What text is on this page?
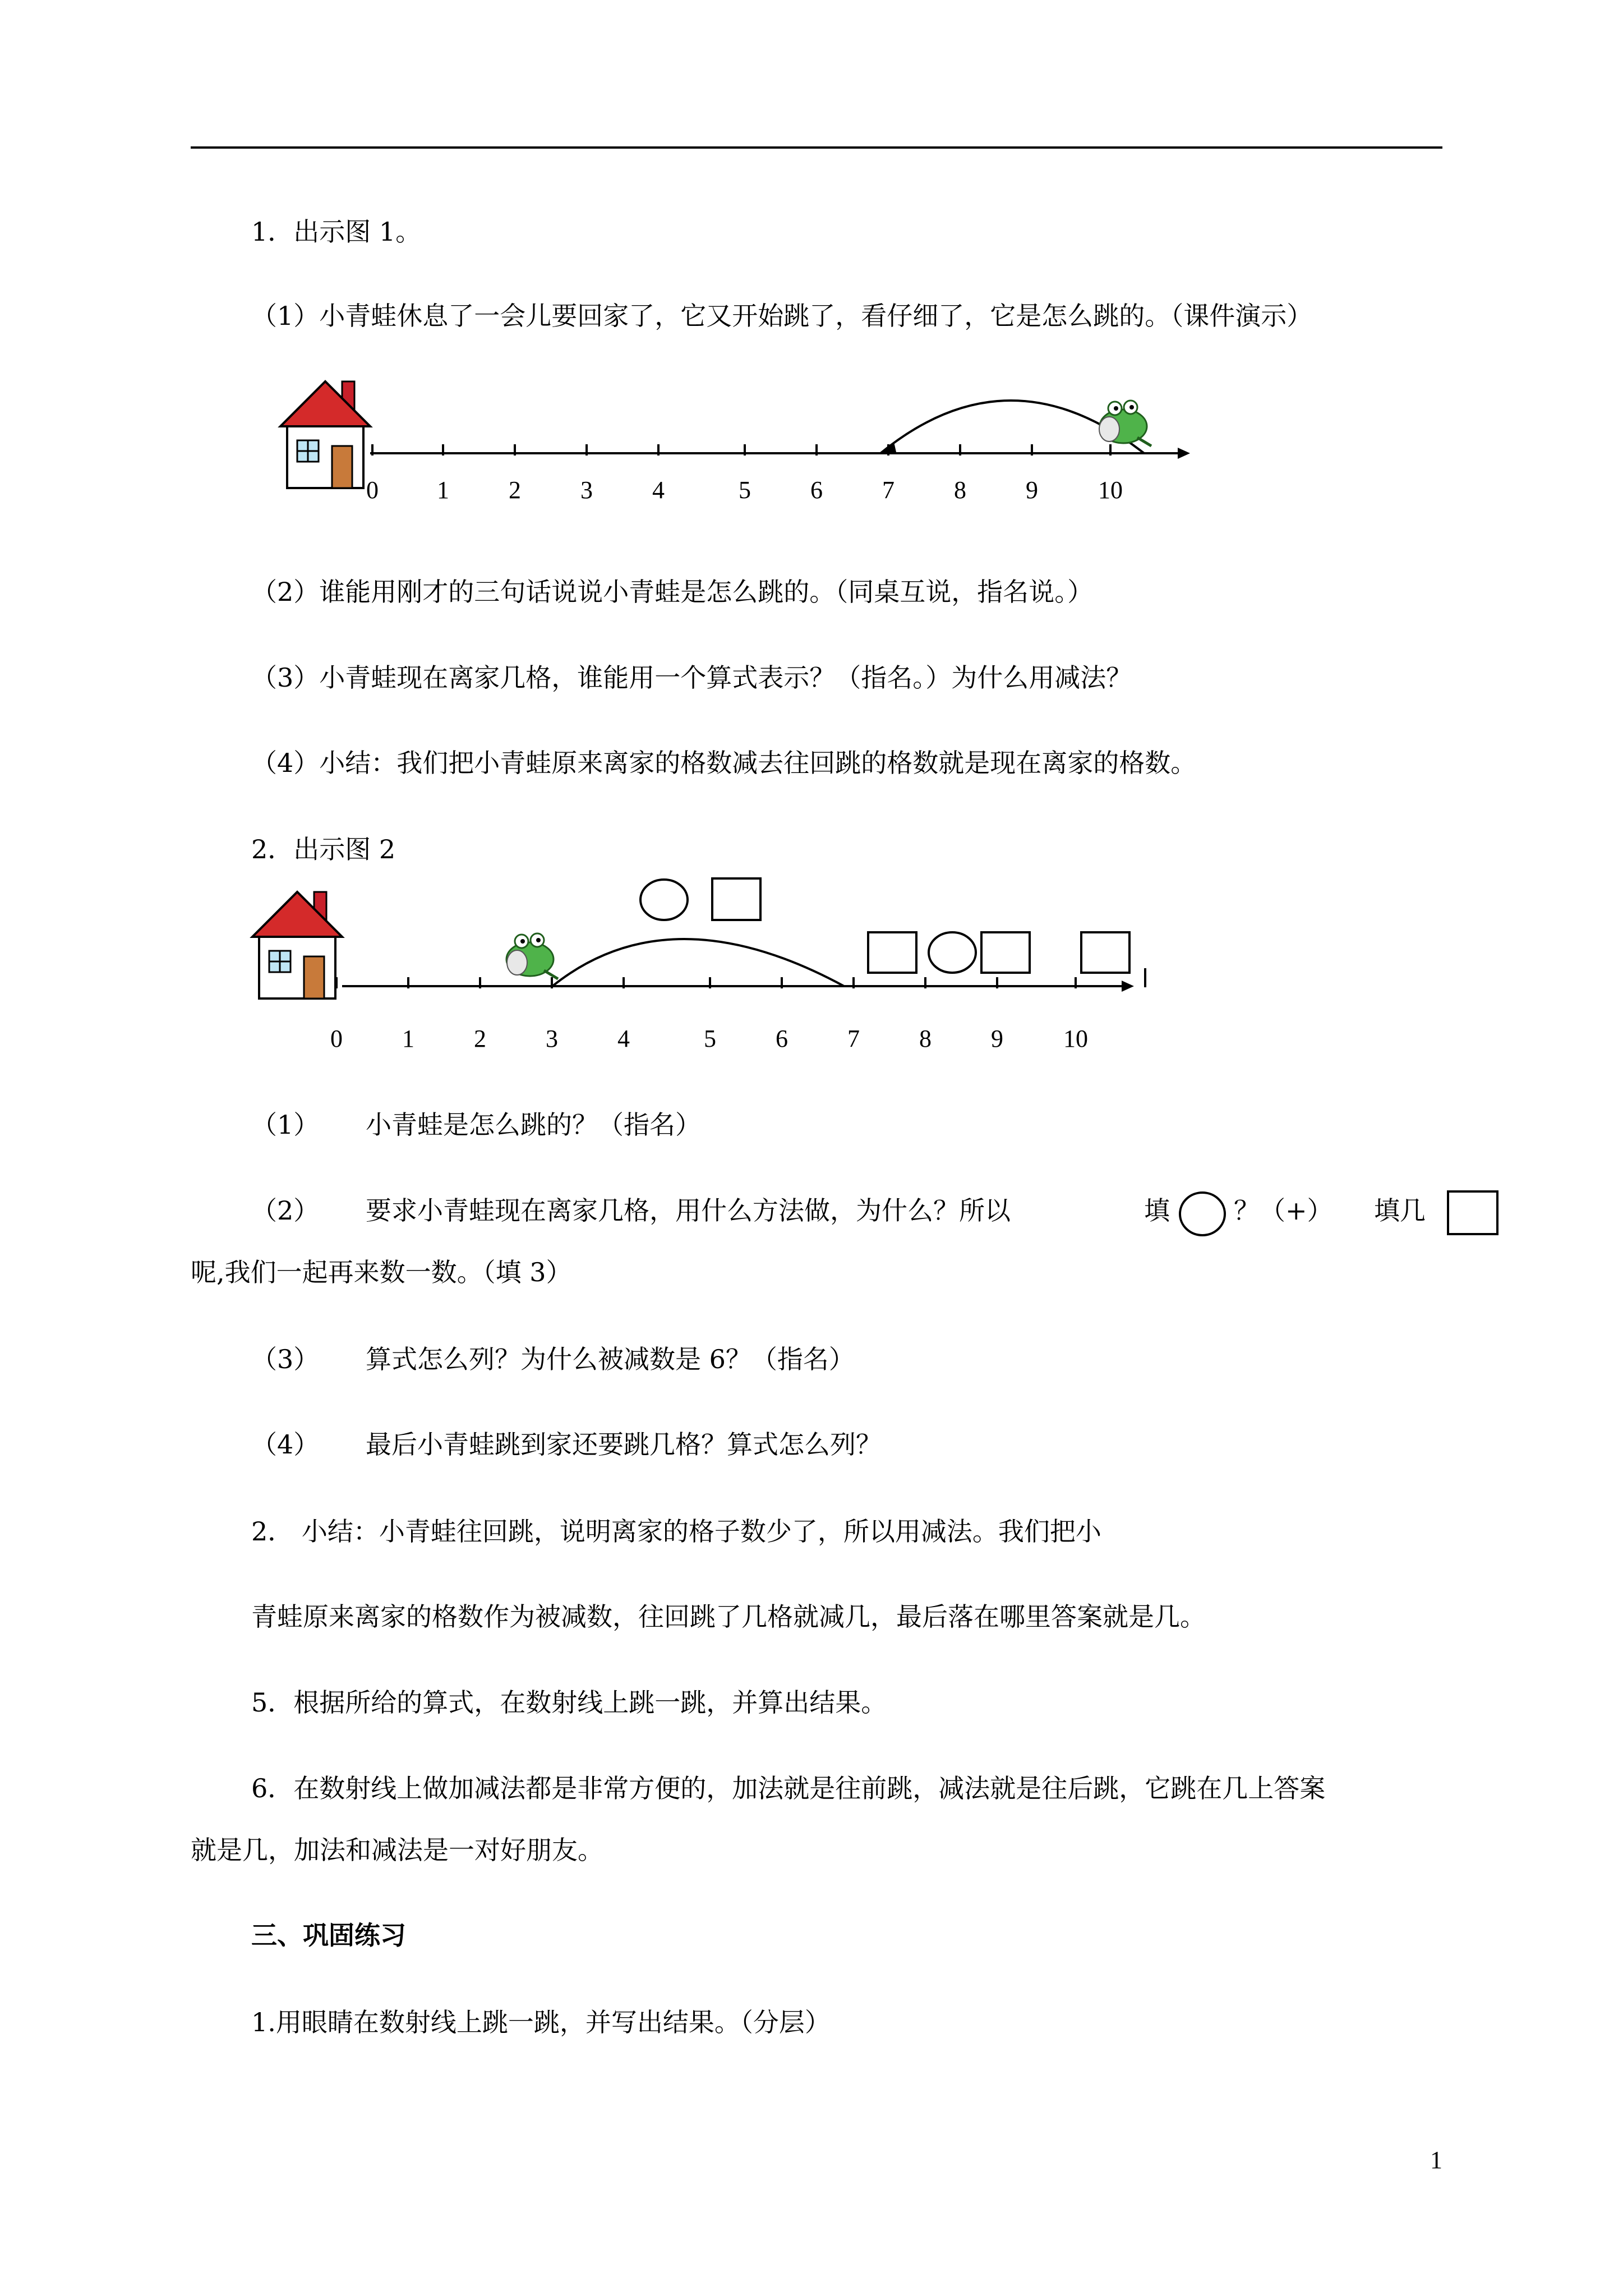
1．出示图 1。
（1）小青蛙休息了一会儿要回家了，它又开始跳了，看仔细了，它是怎么跳的。（课件演示）
0 1 2 3 4	5 6 7 8 9 10
（2）谁能用刚才的三句话说说小青蛙是怎么跳的。（同桌互说，指名说。）
（3）小青蛙现在离家几格，谁能用一个算式表示？（指名。）为什么用减法？
（4）小结：我们把小青蛙原来离家的格数减去往回跳的格数就是现在离家的格数。
2．出示图 2
0 1 2 3 4	5 6 7 8 9 10
（1） 小青蛙是怎么跳的？（指名）
（2） 要求小青蛙现在离家几格，用什么方法做，为什么？所以	填 ？（+） 填几
呢,我们一起再来数一数。（填 3）
（3） 算式怎么列？为什么被减数是 6？（指名）
（4） 最后小青蛙跳到家还要跳几格？算式怎么列？
2． 小结：小青蛙往回跳，说明离家的格子数少了，所以用减法。我们把小
青蛙原来离家的格数作为被减数，往回跳了几格就减几，最后落在哪里答案就是几。
5．根据所给的算式，在数射线上跳一跳，并算出结果。
6．在数射线上做加减法都是非常方便的，加法就是往前跳，减法就是往后跳，它跳在几上答案
就是几，加法和减法是一对好朋友。
三、巩固练习
1.用眼睛在数射线上跳一跳，并写出结果。（分层）
1
